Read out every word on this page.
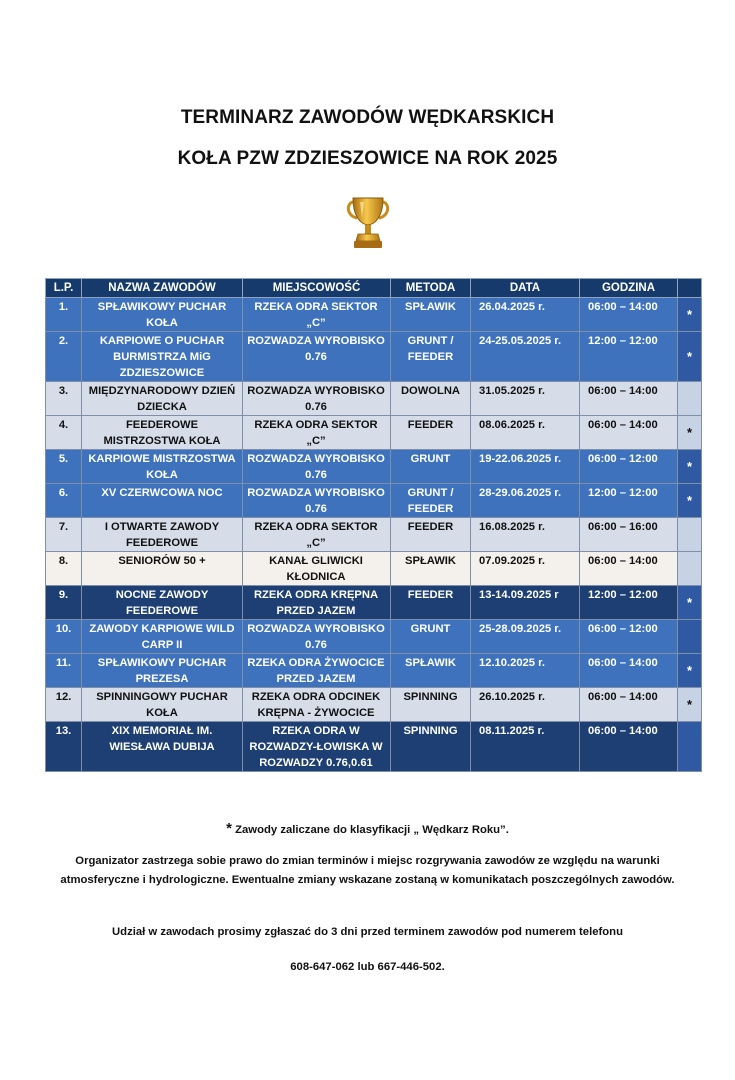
TERMINARZ ZAWODÓW WĘDKARSKICH
KOŁA PZW ZDZIESZOWICE NA ROK 2025
L.P.	NAZWA ZAWODÓW	MIEJSCOWOŚĆ	METODA	DATA	GODZINA	
1.	SPŁAWIKOWY PUCHAR KOŁA	RZEKA ODRA SEKTOR „C”	SPŁAWIK	26.04.2025 r.	06:00 – 14:00	*
2.	KARPIOWE O PUCHAR BURMISTRZA MiG ZDZIESZOWICE	ROZWADZA WYROBISKO 0.76	GRUNT / FEEDER	24-25.05.2025 r.	12:00 – 12:00	*
3.	MIĘDZYNARODOWY DZIEŃ DZIECKA	ROZWADZA WYROBISKO 0.76	DOWOLNA	31.05.2025 r.	06:00 – 14:00	
4.	FEEDEROWE MISTRZOSTWA KOŁA	RZEKA ODRA SEKTOR „C”	FEEDER	08.06.2025 r.	06:00 – 14:00	*
5.	KARPIOWE MISTRZOSTWA KOŁA	ROZWADZA WYROBISKO 0.76	GRUNT	19-22.06.2025 r.	06:00 – 12:00	*
6.	XV CZERWCOWA NOC	ROZWADZA WYROBISKO 0.76	GRUNT / FEEDER	28-29.06.2025 r.	12:00 – 12:00	*
7.	I OTWARTE ZAWODY FEEDEROWE	RZEKA ODRA SEKTOR „C”	FEEDER	16.08.2025 r.	06:00 – 16:00	
8.	SENIORÓW 50 +	KANAŁ GLIWICKI KŁODNICA	SPŁAWIK	07.09.2025 r.	06:00 – 14:00	
9.	NOCNE ZAWODY FEEDEROWE	RZEKA ODRA KRĘPNA PRZED JAZEM	FEEDER	13-14.09.2025 r	12:00 – 12:00	*
10.	ZAWODY KARPIOWE WILD CARP II	ROZWADZA WYROBISKO 0.76	GRUNT	25-28.09.2025 r.	06:00 – 12:00	
11.	SPŁAWIKOWY PUCHAR PREZESA	RZEKA ODRA ŻYWOCICE PRZED JAZEM	SPŁAWIK	12.10.2025 r.	06:00 – 14:00	*
12.	SPINNINGOWY PUCHAR KOŁA	RZEKA ODRA ODCINEK KRĘPNA - ŻYWOCICE	SPINNING	26.10.2025 r.	06:00 – 14:00	*
13.	XIX MEMORIAŁ IM. WIESŁAWA DUBIJA	RZEKA ODRA W ROZWADZY-ŁOWISKA W ROZWADZY 0.76,0.61	SPINNING	08.11.2025 r.	06:00 – 14:00	
* Zawody zaliczane do klasyfikacji „ Wędkarz Roku”.
Organizator zastrzega sobie prawo do zmian terminów i miejsc rozgrywania zawodów ze względu na warunki atmosferyczne i hydrologiczne. Ewentualne zmiany wskazane zostaną w komunikatach poszczególnych zawodów.
Udział w zawodach prosimy zgłaszać do 3 dni przed terminem zawodów pod numerem telefonu
608-647-062 lub 667-446-502.
